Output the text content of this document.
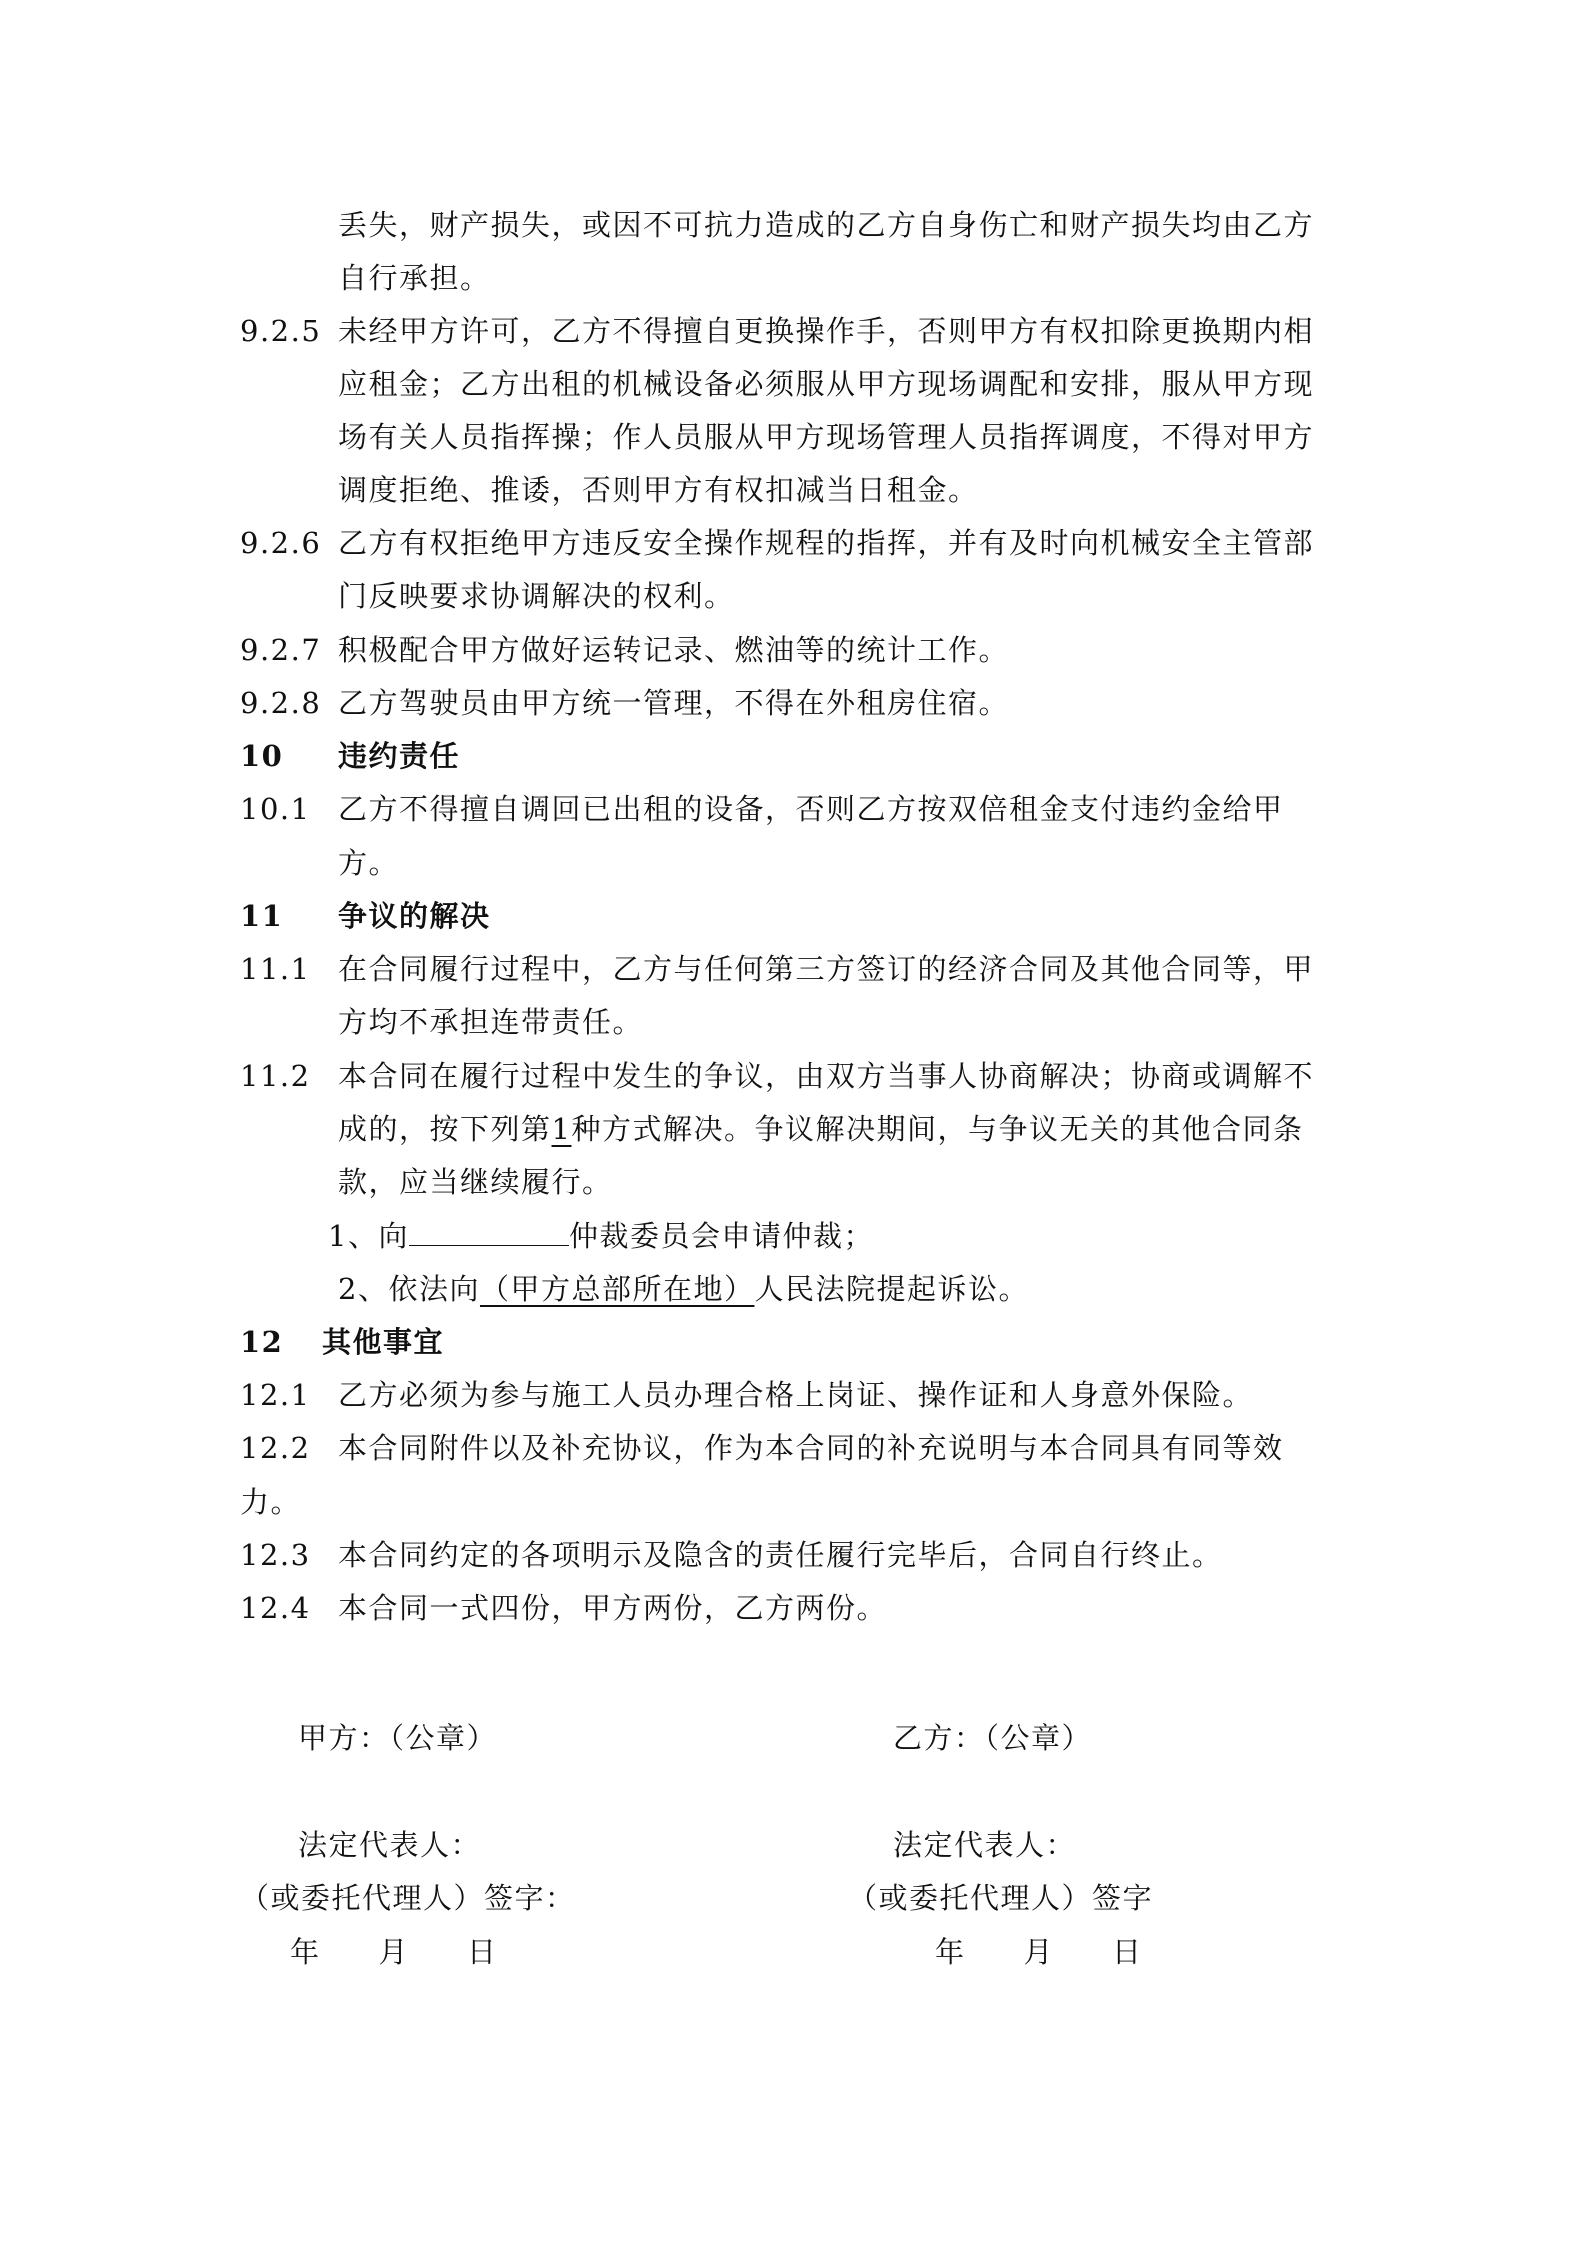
丢失，财产损失，或因不可抗力造成的乙方自身伤亡和财产损失均由乙方
自行承担。
9.2.5 未经甲方许可，乙方不得擅自更换操作手，否则甲方有权扣除更换期内相
应租金；乙方出租的机械设备必须服从甲方现场调配和安排，服从甲方现
场有关人员指挥操；作人员服从甲方现场管理人员指挥调度，不得对甲方
调度拒绝、推诿，否则甲方有权扣减当日租金。
9.2.6 乙方有权拒绝甲方违反安全操作规程的指挥，并有及时向机械安全主管部
门反映要求协调解决的权利。
9.2.7 积极配合甲方做好运转记录、燃油等的统计工作。
9.2.8 乙方驾驶员由甲方统一管理，不得在外租房住宿。
10 违约责任
10.1 乙方不得擅自调回已出租的设备，否则乙方按双倍租金支付违约金给甲
方。
11 争议的解决
11.1 在合同履行过程中，乙方与任何第三方签订的经济合同及其他合同等，甲
方均不承担连带责任。
11.2 本合同在履行过程中发生的争议，由双方当事人协商解决；协商或调解不
成的，按下列第1种方式解决。争议解决期间，与争议无关的其他合同条
款，应当继续履行。
1、向	仲裁委员会申请仲裁；
2、依法向（甲方总部所在地）人民法院提起诉讼。
12 其他事宜
12.1 乙方必须为参与施工人员办理合格上岗证、操作证和人身意外保险。
12.2 本合同附件以及补充协议，作为本合同的补充说明与本合同具有同等效
力。
12.3 本合同约定的各项明示及隐含的责任履行完毕后，合同自行终止。
12.4 本合同一式四份，甲方两份，乙方两份。
甲方：（公章）	乙方：（公章）
法定代表人：	法定代表人：
（或委托代理人）签字：	（或委托代理人）签字
年 月 日	年 月 日
